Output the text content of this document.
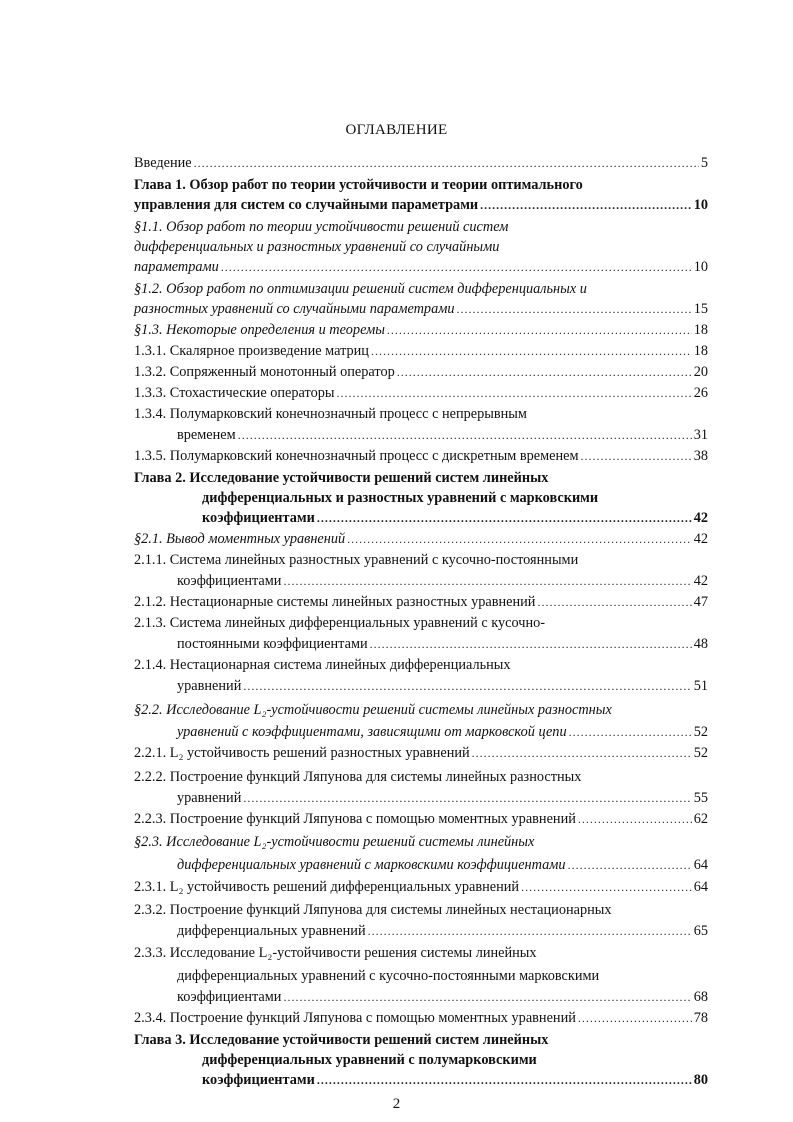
ОГЛАВЛЕНИЕ
Введение .....	5
Глава 1. Обзор работ по теории устойчивости и теории оптимального
управления для систем со случайными параметрами .....	10
§1.1. Обзор работ по теории устойчивости решений систем
дифференциальных и разностных уравнений со случайными
параметрами .....	10
§1.2. Обзор работ по оптимизации решений систем дифференциальных и
разностных уравнений со случайными параметрами .....	15
§1.3. Некоторые определения и теоремы .....	18
1.3.1. Скалярное произведение матриц .....	18
1.3.2. Сопряженный монотонный оператор .....	20
1.3.3. Стохастические операторы .....	26
1.3.4. Полумарковский конечнозначный процесс с непрерывным
временем .....	31
1.3.5. Полумарковский конечнозначный процесс с дискретным временем .....	38
Глава 2. Исследование устойчивости решений систем линейных
дифференциальных и разностных уравнений с марковскими
коэффициентами .....	42
§2.1. Вывод моментных уравнений .....	42
2.1.1. Система линейных разностных уравнений с кусочно-постоянными
коэффициентами .....	42
2.1.2. Нестационарные системы линейных разностных уравнений .....	47
2.1.3. Система линейных дифференциальных уравнений с кусочно-
постоянными коэффициентами .....	48
2.1.4. Нестационарная система линейных дифференциальных
уравнений .....	51
§2.2. Исследование L₂-устойчивости решений системы линейных разностных
уравнений с коэффициентами, зависящими от марковской цепи .....	52
2.2.1. L₂ устойчивость решений разностных уравнений .....	52
2.2.2. Построение функций Ляпунова для системы линейных разностных
уравнений .....	55
2.2.3. Построение функций Ляпунова с помощью моментных уравнений .....	62
§2.3. Исследование L₂-устойчивости решений системы линейных
дифференциальных уравнений с марковскими коэффициентами .....	64
2.3.1. L₂ устойчивость решений дифференциальных уравнений .....	64
2.3.2. Построение функций Ляпунова для системы линейных нестационарных
дифференциальных уравнений .....	65
2.3.3. Исследование L₂-устойчивости решения системы линейных
дифференциальных уравнений с кусочно-постоянными марковскими
коэффициентами .....	68
2.3.4. Построение функций Ляпунова с помощью моментных уравнений .....	78
Глава 3. Исследование устойчивости решений систем линейных
дифференциальных уравнений с полумарковскими
коэффициентами .....	80
2
